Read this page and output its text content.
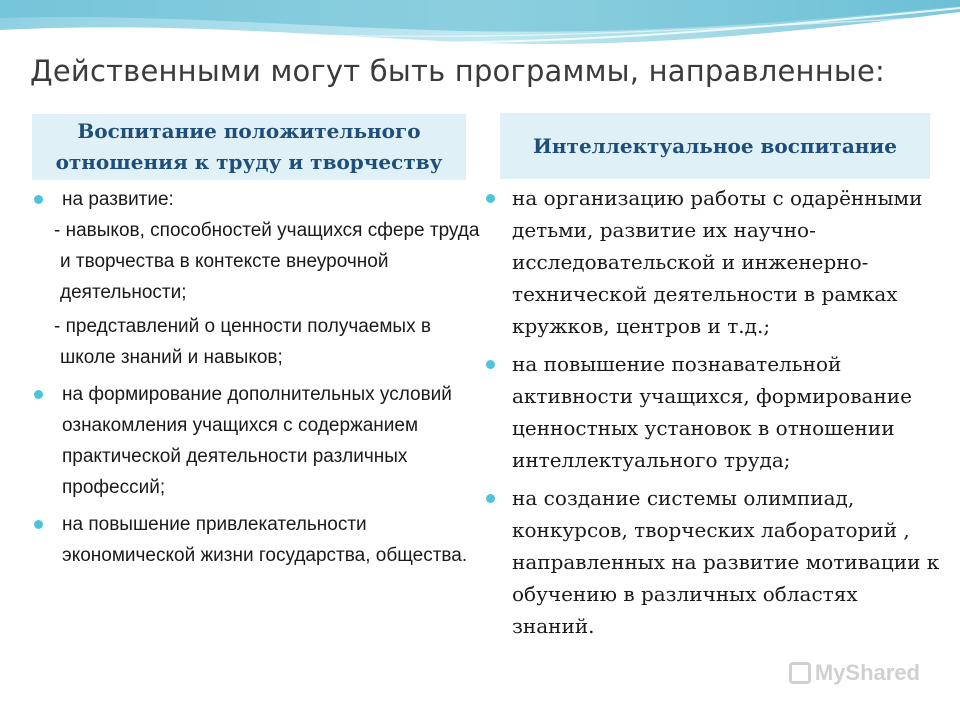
Действенными могут быть программы, направленные:
Воспитание положительного
отношения к труду и творчеству
Интеллектуальное воспитание
на развитие:
- навыков, способностей учащихся сфере труда и творчества в контексте внеурочной деятельности;
- представлений о ценности получаемых в школе знаний и навыков;
на формирование дополнительных условий ознакомления учащихся с содержанием практической деятельности различных профессий;
на повышение привлекательности экономической жизни государства, общества.
на организацию работы с одарёнными детьми, развитие их научно-исследовательской и инженерно-технической деятельности в рамках кружков, центров и т.д.;
на повышение познавательной активности учащихся, формирование ценностных установок в отношении интеллектуального труда;
на создание системы олимпиад, конкурсов, творческих лабораторий , направленных на развитие мотивации к обучению в различных областях знаний.
MyShared
